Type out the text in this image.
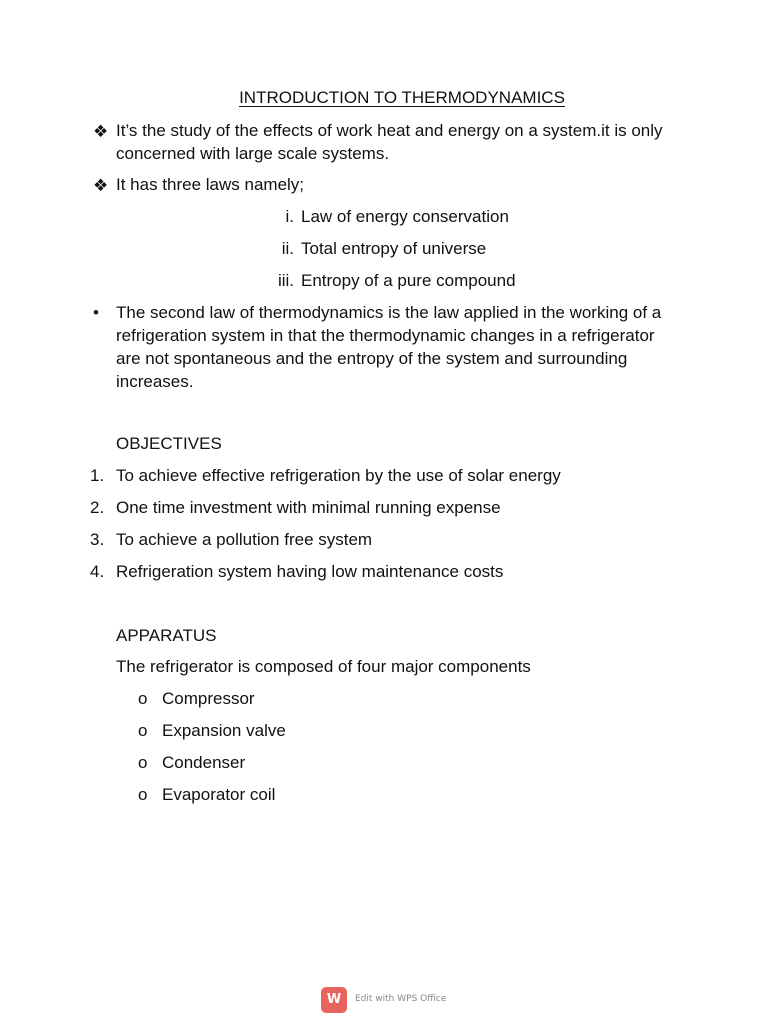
INTRODUCTION TO THERMODYNAMICS

❖ It’s the study of the effects of work heat and energy on a system.it is only concerned with large scale systems.
❖ It has three laws namely;
i. Law of energy conservation
ii. Total entropy of universe
iii. Entropy of a pure compound
• The second law of thermodynamics is the law applied in the working of a refrigeration system in that the thermodynamic changes in a refrigerator are not spontaneous and the entropy of the system and surrounding increases.

OBJECTIVES

1. To achieve effective refrigeration by the use of solar energy
2. One time investment with minimal running expense
3. To achieve a pollution free system
4. Refrigeration system having low maintenance costs

APPARATUS

The refrigerator is composed of four major components

o Compressor
o Expansion valve
o Condenser
o Evaporator coil
W	Edit with WPS Office
